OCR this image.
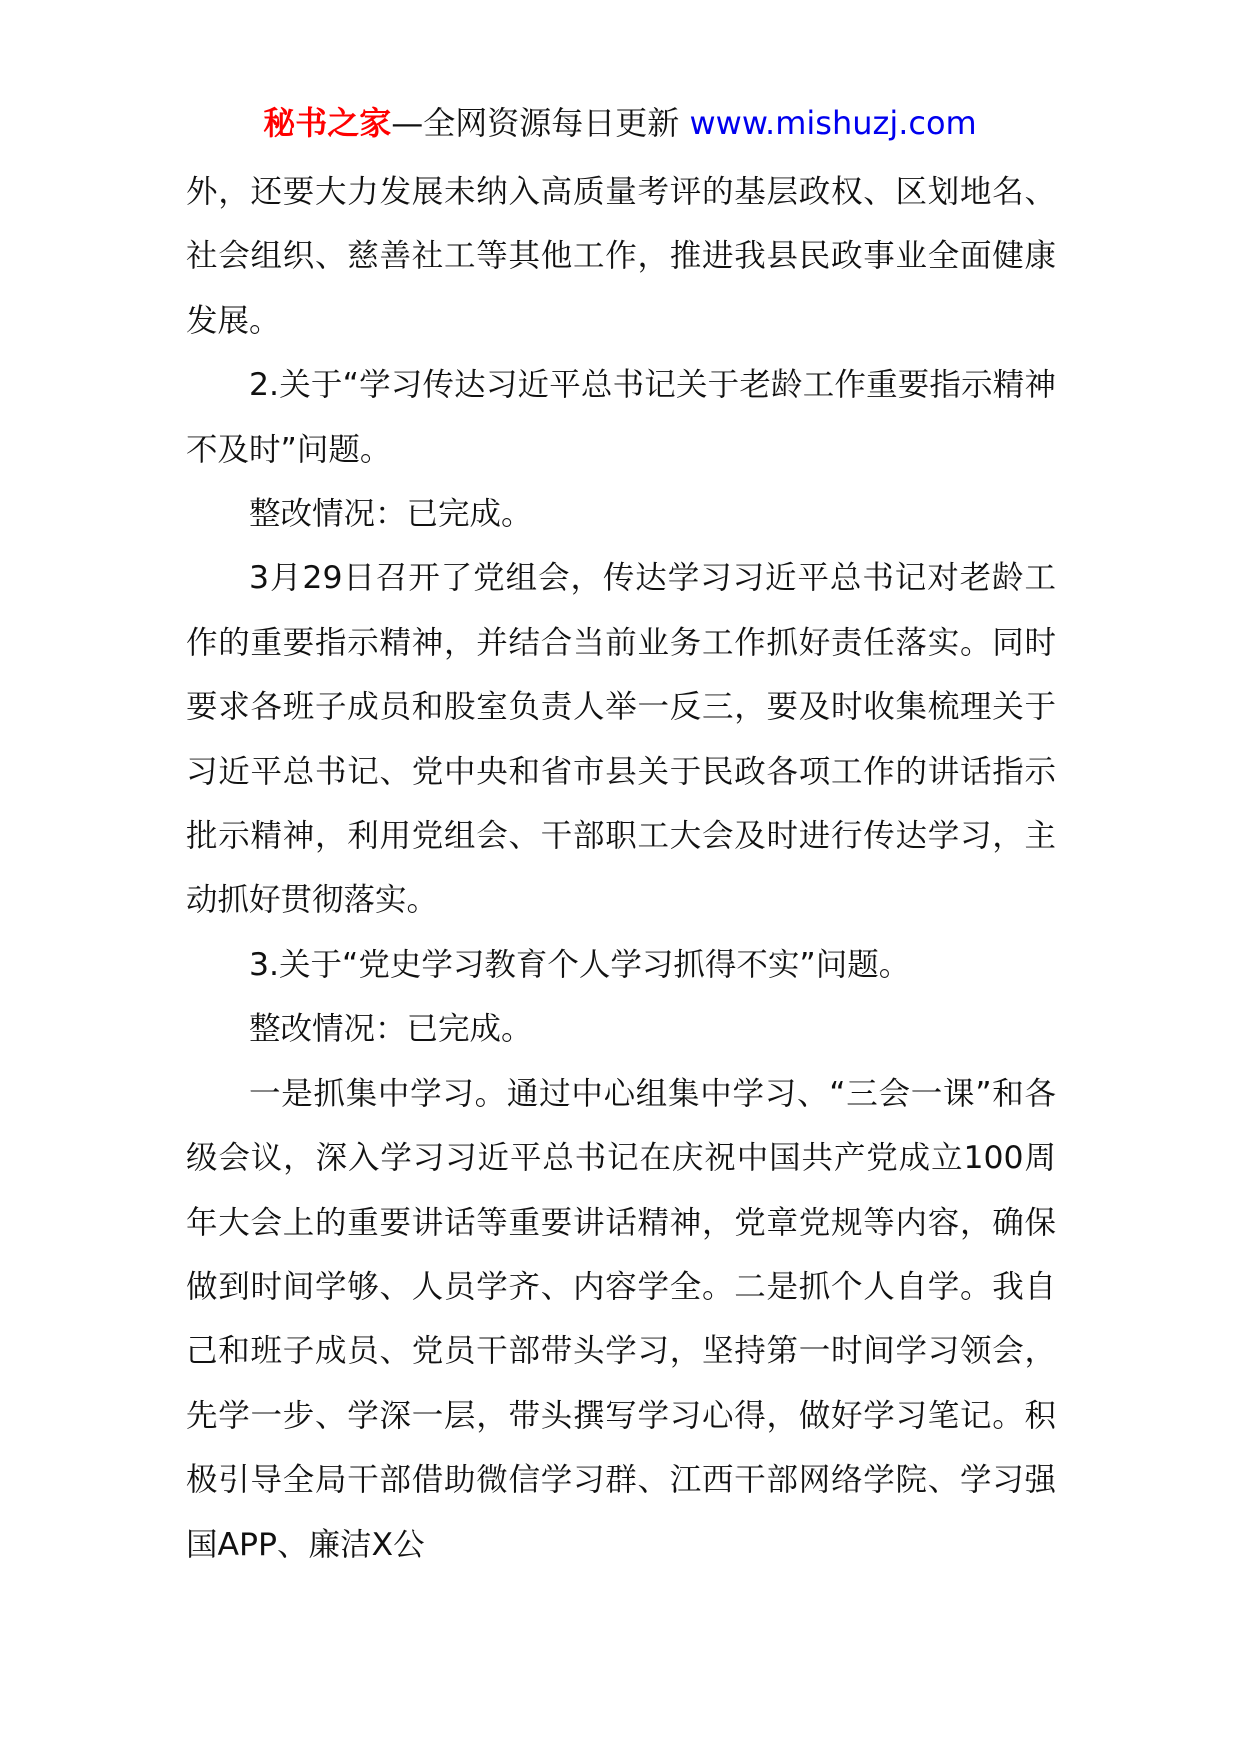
秘书之家—全网资源每日更新 www.mishuzj.com

外，还要大力发展未纳入高质量考评的基层政权、区划地名、社会组织、慈善社工等其他工作，推进我县民政事业全面健康发展。

2.关于“学习传达习近平总书记关于老龄工作重要指示精神不及时”问题。

整改情况：已完成。

3月29日召开了党组会，传达学习习近平总书记对老龄工作的重要指示精神，并结合当前业务工作抓好责任落实。同时要求各班子成员和股室负责人举一反三，要及时收集梳理关于习近平总书记、党中央和省市县关于民政各项工作的讲话指示批示精神，利用党组会、干部职工大会及时进行传达学习，主动抓好贯彻落实。

3.关于“党史学习教育个人学习抓得不实”问题。

整改情况：已完成。

一是抓集中学习。通过中心组集中学习、“三会一课”和各级会议，深入学习习近平总书记在庆祝中国共产党成立100周年大会上的重要讲话等重要讲话精神，党章党规等内容，确保做到时间学够、人员学齐、内容学全。二是抓个人自学。我自己和班子成员、党员干部带头学习，坚持第一时间学习领会，先学一步、学深一层，带头撰写学习心得，做好学习笔记。积极引导全局干部借助微信学习群、江西干部网络学院、学习强国APP、廉洁X公
